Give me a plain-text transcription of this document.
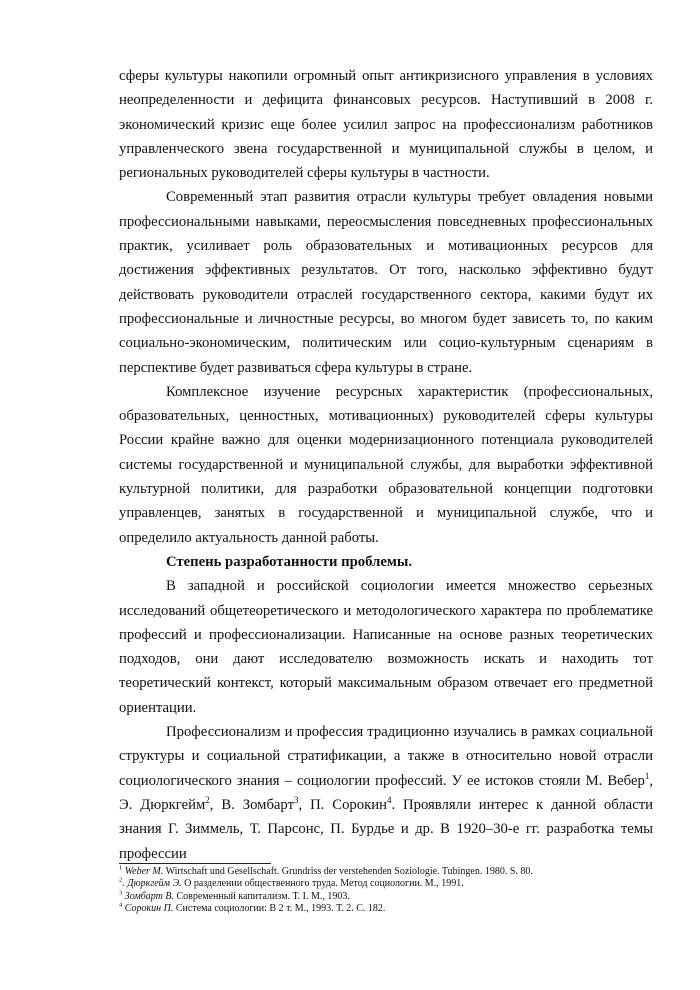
сферы культуры накопили огромный опыт антикризисного управления в условиях неопределенности и дефицита финансовых ресурсов. Наступивший в 2008 г. экономический кризис еще более усилил запрос на профессионализм работников управленческого звена государственной и муниципальной службы в целом, и региональных руководителей сферы культуры в частности.

Современный этап развития отрасли культуры требует овладения новыми профессиональными навыками, переосмысления повседневных профессиональных практик, усиливает роль образовательных и мотивационных ресурсов для достижения эффективных результатов. От того, насколько эффективно будут действовать руководители отраслей государственного сектора, какими будут их профессиональные и личностные ресурсы, во многом будет зависеть то, по каким социально-экономическим, политическим или социо-культурным сценариям в перспективе будет развиваться сфера культуры в стране.

Комплексное изучение ресурсных характеристик (профессиональных, образовательных, ценностных, мотивационных) руководителей сферы культуры России крайне важно для оценки модернизационного потенциала руководителей системы государственной и муниципальной службы, для выработки эффективной культурной политики, для разработки образовательной концепции подготовки управленцев, занятых в государственной и муниципальной службе, что и определило актуальность данной работы.

Степень разработанности проблемы.

В западной и российской социологии имеется множество серьезных исследований общетеоретического и методологического характера по проблематике профессий и профессионализации. Написанные на основе разных теоретических подходов, они дают исследователю возможность искать и находить тот теоретический контекст, который максимальным образом отвечает его предметной ориентации.

Профессионализм и профессия традиционно изучались в рамках социальной структуры и социальной стратификации, а также в относительно новой отрасли социологического знания – социологии профессий. У ее истоков стояли М. Вебер$^1$, Э. Дюркгейм$^2$, В. Зомбарт$^3$, П. Сорокин$^4$. Проявляли интерес к данной области знания Г. Зиммель, Т. Парсонс, П. Бурдье и др. В 1920–30-е гг. разработка темы профессии

$^1$ Weber M. Wirtschaft und Gesellschaft. Grundriss der verstehenden Soziologie. Tubingen. 1980. S. 80.
$^2$. Дюркгейм Э. О разделении общественного труда. Метод социологии. М., 1991.
$^3$ Зомбарт В. Современный капитализм. Т. I. М., 1903.
$^4$ Сорокин П. Система социологии: В 2 т. М., 1993. Т. 2. С. 182.
